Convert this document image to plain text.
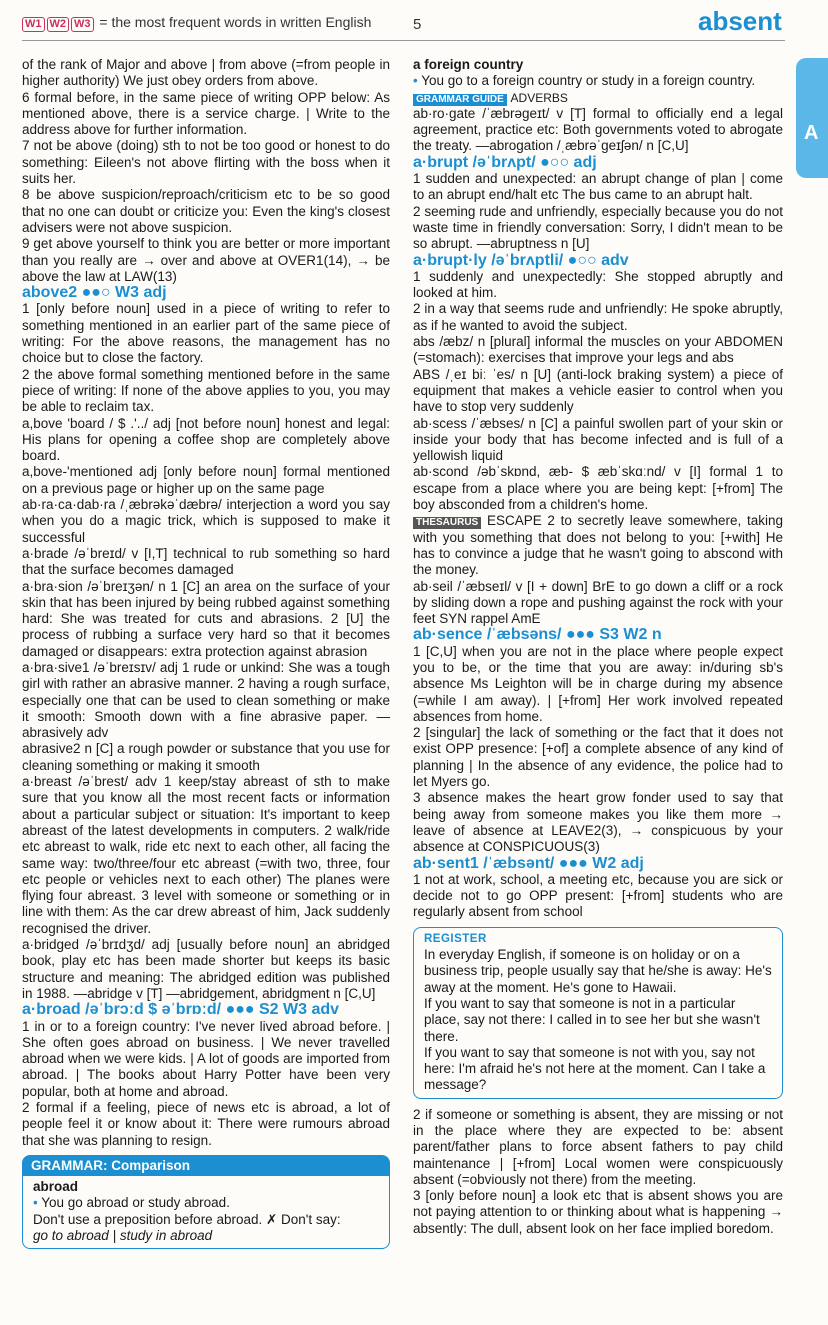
W1 W2 W3 = the most frequent words in written English	5	absent
A

of the rank of Major and above | from above (=from people in higher authority) We just obey orders from above.

6 formal before, in the same piece of writing OPP below: As mentioned above, there is a service charge. | Write to the address above for further information.

7 not be above (doing) sth to not be too good or honest to do something: Eileen's not above flirting with the boss when it suits her.

8 be above suspicion/reproach/criticism etc to be so good that no one can doubt or criticize you: Even the king's closest advisers were not above suspicion.

9 get above yourself to think you are better or more important than you really are → over and above at OVER1(14), → be above the law at LAW(13)

above2 ●●○ W3 adj

1 [only before noun] used in a piece of writing to refer to something mentioned in an earlier part of the same piece of writing: For the above reasons, the management has no choice but to close the factory.

2 the above formal something mentioned before in the same piece of writing: If none of the above applies to you, you may be able to reclaim tax.

a,bove 'board / $ .'../ adj [not before noun] honest and legal: His plans for opening a coffee shop are completely above board.

a,bove-'mentioned adj [only before noun] formal mentioned on a previous page or higher up on the same page

ab·ra·ca·dab·ra /ˌæbrəkəˈdæbrə/ interjection a word you say when you do a magic trick, which is supposed to make it successful

a·brade /əˈbreɪd/ v [I,T] technical to rub something so hard that the surface becomes damaged

a·bra·sion /əˈbreɪʒən/ n 1 [C] an area on the surface of your skin that has been injured by being rubbed against something hard: She was treated for cuts and abrasions. 2 [U] the process of rubbing a surface very hard so that it becomes damaged or disappears: extra protection against abrasion

a·bra·sive1 /əˈbreɪsɪv/ adj 1 rude or unkind: She was a tough girl with rather an abrasive manner. 2 having a rough surface, especially one that can be used to clean something or make it smooth: Smooth down with a fine abrasive paper. —abrasively adv

abrasive2 n [C] a rough powder or substance that you use for cleaning something or making it smooth

a·breast /əˈbrest/ adv 1 keep/stay abreast of sth to make sure that you know all the most recent facts or information about a particular subject or situation: It's important to keep abreast of the latest developments in computers. 2 walk/ride etc abreast to walk, ride etc next to each other, all facing the same way: two/three/four etc abreast (=with two, three, four etc people or vehicles next to each other) The planes were flying four abreast. 3 level with someone or something or in line with them: As the car drew abreast of him, Jack suddenly recognised the driver.

a·bridged /əˈbrɪdʒd/ adj [usually before noun] an abridged book, play etc has been made shorter but keeps its basic structure and meaning: The abridged edition was published in 1988. —abridge v [T] —abridgement, abridgment n [C,U]

a·broad /əˈbrɔːd $ əˈbrɒːd/ ●●● S2 W3 adv

1 in or to a foreign country: I've never lived abroad before. | She often goes abroad on business. | We never travelled abroad when we were kids. | A lot of goods are imported from abroad. | The books about Harry Potter have been very popular, both at home and abroad.

2 formal if a feeling, piece of news etc is abroad, a lot of people feel it or know about it: There were rumours abroad that she was planning to resign.

GRAMMAR: Comparison

abroad

• You go abroad or study abroad.

Don't use a preposition before abroad. ✗ Don't say:

go to abroad | study in abroad

a foreign country

• You go to a foreign country or study in a foreign country.

GRAMMAR GUIDE ADVERBS

ab·ro·gate /ˈæbrəgeɪt/ v [T] formal to officially end a legal agreement, practice etc: Both governments voted to abrogate the treaty. —abrogation /ˌæbrəˈgeɪʃən/ n [C,U]

a·brupt /əˈbrʌpt/ ●○○ adj

1 sudden and unexpected: an abrupt change of plan | come to an abrupt end/halt etc The bus came to an abrupt halt.

2 seeming rude and unfriendly, especially because you do not waste time in friendly conversation: Sorry, I didn't mean to be so abrupt. —abruptness n [U]

a·brupt·ly /əˈbrʌptli/ ●○○ adv

1 suddenly and unexpectedly: She stopped abruptly and looked at him.

2 in a way that seems rude and unfriendly: He spoke abruptly, as if he wanted to avoid the subject.

abs /æbz/ n [plural] informal the muscles on your ABDOMEN (=stomach): exercises that improve your legs and abs

ABS /ˌeɪ biː ˈes/ n [U] (anti-lock braking system) a piece of equipment that makes a vehicle easier to control when you have to stop very suddenly

ab·scess /ˈæbses/ n [C] a painful swollen part of your skin or inside your body that has become infected and is full of a yellowish liquid

ab·scond /əbˈskɒnd, æb- $ æbˈskɑːnd/ v [I] formal 1 to escape from a place where you are being kept: [+from] The boy absconded from a children's home.

THESAURUS ESCAPE 2 to secretly leave somewhere, taking with you something that does not belong to you: [+with] He has to convince a judge that he wasn't going to abscond with the money.

ab·seil /ˈæbseɪl/ v [I + down] BrE to go down a cliff or a rock by sliding down a rope and pushing against the rock with your feet SYN rappel AmE

ab·sence /ˈæbsəns/ ●●● S3 W2 n

1 [C,U] when you are not in the place where people expect you to be, or the time that you are away: in/during sb's absence Ms Leighton will be in charge during my absence (=while I am away). | [+from] Her work involved repeated absences from home.

2 [singular] the lack of something or the fact that it does not exist OPP presence: [+of] a complete absence of any kind of planning | In the absence of any evidence, the police had to let Myers go.

3 absence makes the heart grow fonder used to say that being away from someone makes you like them more → leave of absence at LEAVE2(3), → conspicuous by your absence at CONSPICUOUS(3)

ab·sent1 /ˈæbsənt/ ●●● W2 adj

1 not at work, school, a meeting etc, because you are sick or decide not to go OPP present: [+from] students who are regularly absent from school

REGISTER

In everyday English, if someone is on holiday or on a business trip, people usually say that he/she is away: He's away at the moment. He's gone to Hawaii.

If you want to say that someone is not in a particular place, say not there: I called in to see her but she wasn't there.

If you want to say that someone is not with you, say not here: I'm afraid he's not here at the moment. Can I take a message?

2 if someone or something is absent, they are missing or not in the place where they are expected to be: absent parent/father plans to force absent fathers to pay child maintenance | [+from] Local women were conspicuously absent (=obviously not there) from the meeting.

3 [only before noun] a look etc that is absent shows you are not paying attention to or thinking about what is happening → absently: The dull, absent look on her face implied boredom.
